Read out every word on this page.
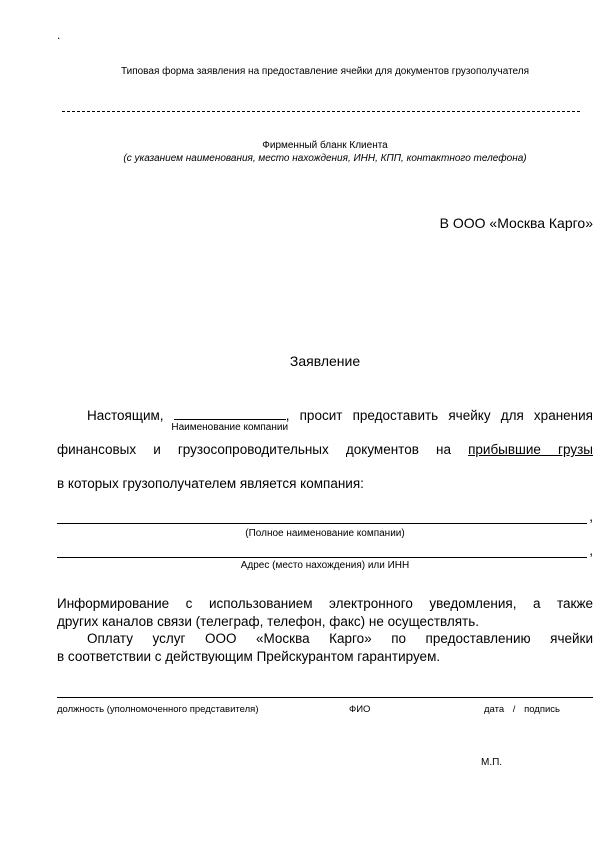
.
Типовая форма заявления на предоставление ячейки для документов грузополучателя
Фирменный бланк Клиента
(с указанием наименования, место нахождения, ИНН, КПП, контактного телефона)
В ООО «Москва Карго»
Заявление
Настоящим,
Наименование компании
, просит предоставить ячейку для хранения
финансовых и грузосопроводительных документов на прибывшие грузы
в которых грузополучателем является компания:
,
(Полное наименование компании)
,
Адрес (место нахождения) или ИНН
Информирование с использованием электронного уведомления, а также
других каналов связи (телеграф, телефон, факс) не осуществлять.
Оплату услуг ООО «Москва Карго» по предоставлению ячейки
в соответствии с действующим Прейскурантом гарантируем.
должность (уполномоченного представителя)	ФИО	дата / подпись
М.П.
